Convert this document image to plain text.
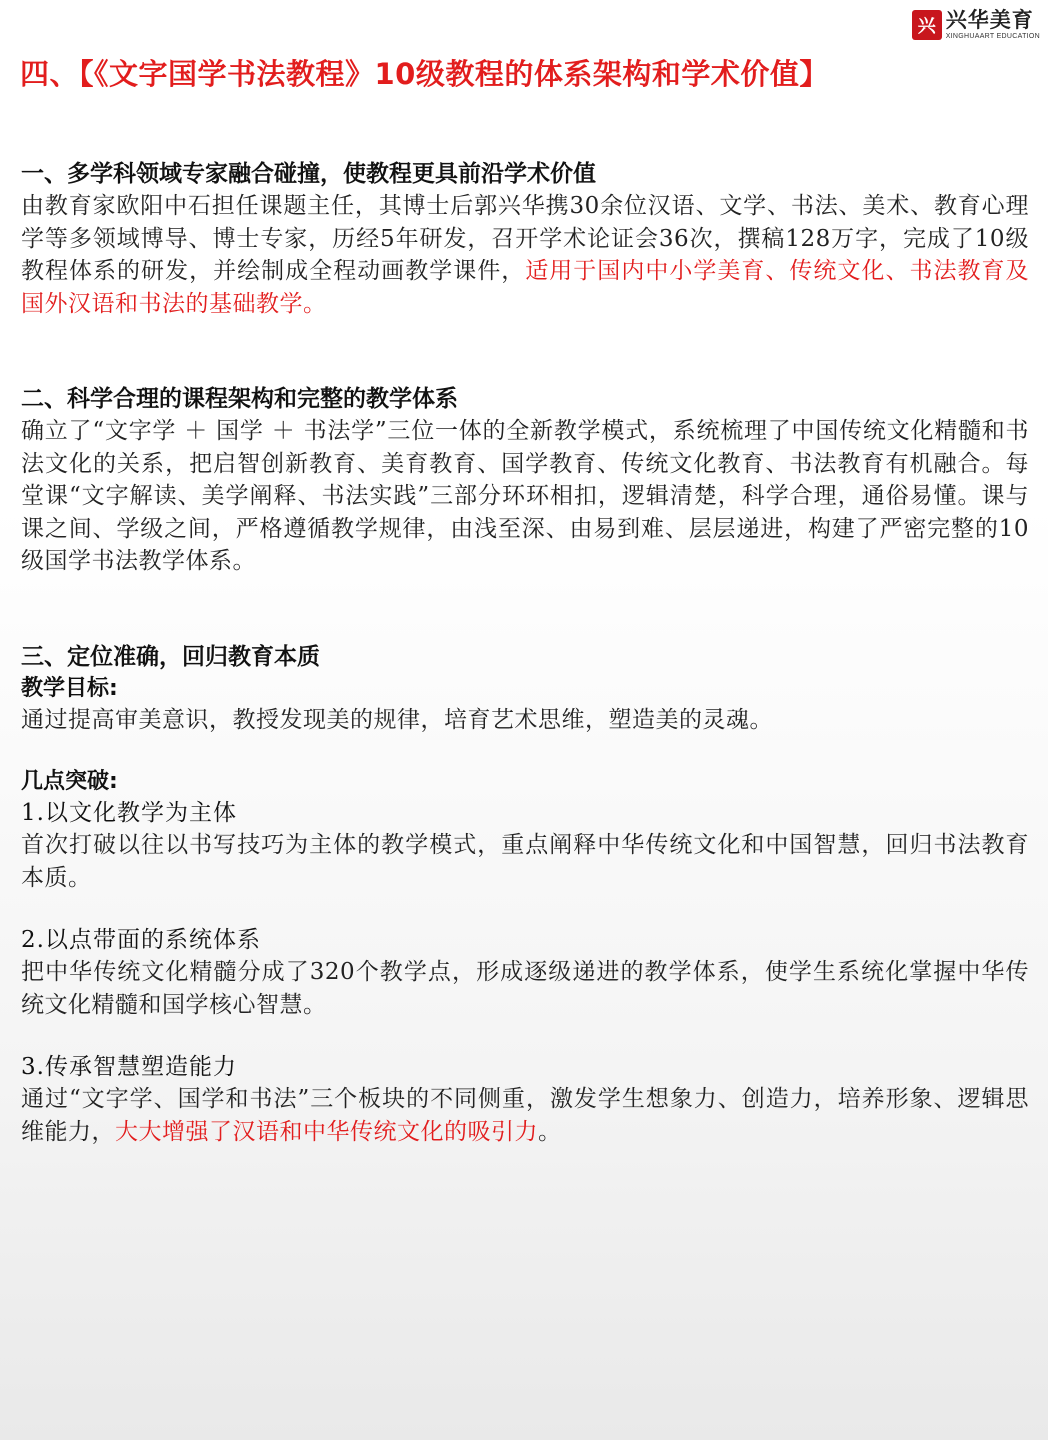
兴 兴华美育
XINGHUAART EDUCATION
四、【《文字国学书法教程》10级教程的体系架构和学术价值】

一、多学科领域专家融合碰撞，使教程更具前沿学术价值

由教育家欧阳中石担任课题主任，其博士后郭兴华携30余位汉语、文学、书法、美术、教育心理学等多领域博导、博士专家，历经5年研发，召开学术论证会36次，撰稿128万字，完成了10级教程体系的研发，并绘制成全程动画教学课件，适用于国内中小学美育、传统文化、书法教育及国外汉语和书法的基础教学。

二、科学合理的课程架构和完整的教学体系

确立了“文字学 ＋ 国学 ＋ 书法学”三位一体的全新教学模式，系统梳理了中国传统文化精髓和书法文化的关系，把启智创新教育、美育教育、国学教育、传统文化教育、书法教育有机融合。每堂课“文字解读、美学阐释、书法实践”三部分环环相扣，逻辑清楚，科学合理，通俗易懂。课与课之间、学级之间，严格遵循教学规律，由浅至深、由易到难、层层递进，构建了严密完整的10级国学书法教学体系。

三、定位准确，回归教育本质

教学目标:

通过提高审美意识，教授发现美的规律，培育艺术思维，塑造美的灵魂。

几点突破:

1.以文化教学为主体

首次打破以往以书写技巧为主体的教学模式，重点阐释中华传统文化和中国智慧，回归书法教育本质。

2.以点带面的系统体系

把中华传统文化精髓分成了320个教学点，形成逐级递进的教学体系，使学生系统化掌握中华传统文化精髓和国学核心智慧。

3.传承智慧塑造能力

通过“文字学、国学和书法”三个板块的不同侧重，激发学生想象力、创造力，培养形象、逻辑思维能力，大大增强了汉语和中华传统文化的吸引力。
